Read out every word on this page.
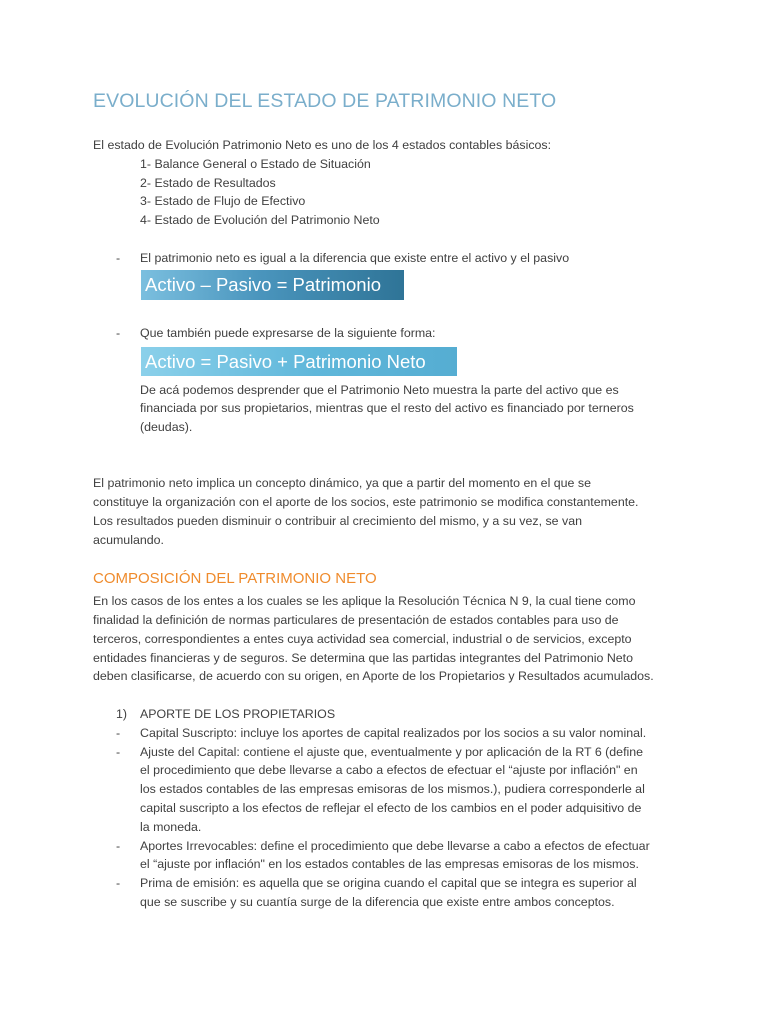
EVOLUCIÓN DEL ESTADO DE PATRIMONIO NETO

El estado de Evolución Patrimonio Neto es uno de los 4 estados contables básicos:

1- Balance General o Estado de Situación

2- Estado de Resultados

3- Estado de Flujo de Efectivo

4- Estado de Evolución del Patrimonio Neto

- El patrimonio neto es igual a la diferencia que existe entre el activo y el pasivo

Activo – Pasivo = Patrimonio

- Que también puede expresarse de la siguiente forma:

Activo = Pasivo + Patrimonio Neto

De acá podemos desprender que el Patrimonio Neto muestra la parte del activo que es

financiada por sus propietarios, mientras que el resto del activo es financiado por terneros

(deudas).

El patrimonio neto implica un concepto dinámico, ya que a partir del momento en el que se

constituye la organización con el aporte de los socios, este patrimonio se modifica constantemente.

Los resultados pueden disminuir o contribuir al crecimiento del mismo, y a su vez, se van

acumulando.

COMPOSICIÓN DEL PATRIMONIO NETO

En los casos de los entes a los cuales se les aplique la Resolución Técnica N 9, la cual tiene como

finalidad la definición de normas particulares de presentación de estados contables para uso de

terceros, correspondientes a entes cuya actividad sea comercial, industrial o de servicios, excepto

entidades financieras y de seguros. Se determina que las partidas integrantes del Patrimonio Neto

deben clasificarse, de acuerdo con su origen, en Aporte de los Propietarios y Resultados acumulados.

1) APORTE DE LOS PROPIETARIOS

- Capital Suscripto: incluye los aportes de capital realizados por los socios a su valor nominal.

- Ajuste del Capital: contiene el ajuste que, eventualmente y por aplicación de la RT 6 (define

el procedimiento que debe llevarse a cabo a efectos de efectuar el “ajuste por inflación" en

los estados contables de las empresas emisoras de los mismos.), pudiera corresponderle al

capital suscripto a los efectos de reflejar el efecto de los cambios en el poder adquisitivo de

la moneda.

- Aportes Irrevocables: define el procedimiento que debe llevarse a cabo a efectos de efectuar

el “ajuste por inflación" en los estados contables de las empresas emisoras de los mismos.

- Prima de emisión: es aquella que se origina cuando el capital que se integra es superior al

que se suscribe y su cuantía surge de la diferencia que existe entre ambos conceptos.
